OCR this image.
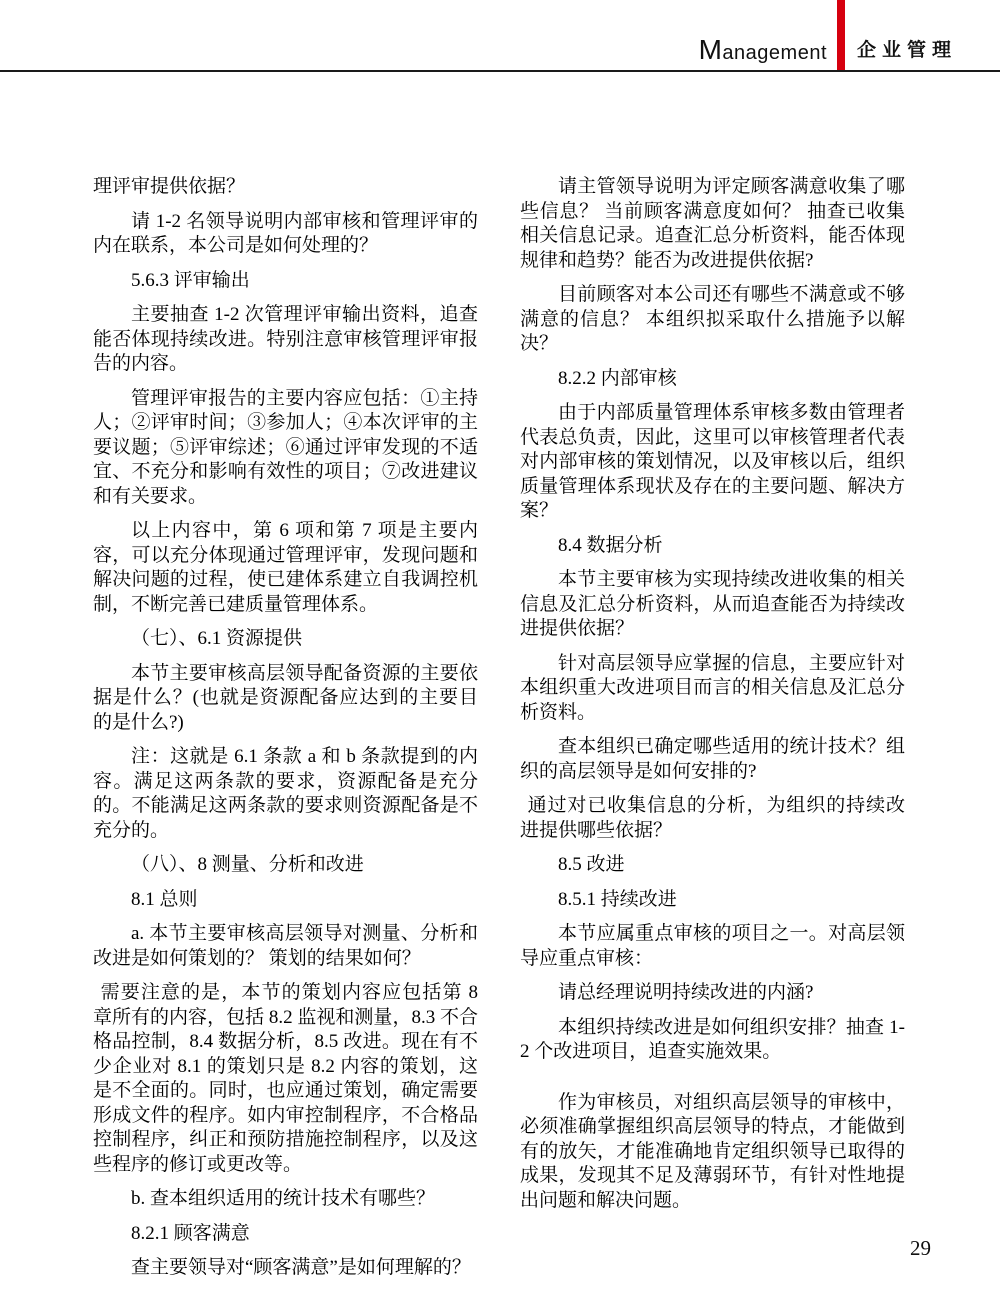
Management 企业管理

理评审提供依据？

请 1-2 名领导说明内部审核和管理评审的内在联系，本公司是如何处理的？

5.6.3 评审输出

主要抽查 1-2 次管理评审输出资料，追查能否体现持续改进。特别注意审核管理评审报告的内容。

管理评审报告的主要内容应包括：①主持人；②评审时间；③参加人；④本次评审的主要议题；⑤评审综述；⑥通过评审发现的不适宜、不充分和影响有效性的项目；⑦改进建议和有关要求。

以上内容中，第 6 项和第 7 项是主要内容，可以充分体现通过管理评审，发现问题和解决问题的过程，使已建体系建立自我调控机制，不断完善已建质量管理体系。

（七）、6.1 资源提供

本节主要审核高层领导配备资源的主要依据是什么？(也就是资源配备应达到的主要目的是什么?)

注：这就是 6.1 条款 a 和 b 条款提到的内容。满足这两条款的要求，资源配备是充分的。不能满足这两条款的要求则资源配备是不充分的。

（八）、8 测量、分析和改进

8.1 总则

a. 本节主要审核高层领导对测量、分析和改进是如何策划的？ 策划的结果如何？

需要注意的是，本节的策划内容应包括第 8 章所有的内容，包括 8.2 监视和测量，8.3 不合格品控制，8.4 数据分析，8.5 改进。现在有不少企业对 8.1 的策划只是 8.2 内容的策划，这是不全面的。同时，也应通过策划，确定需要形成文件的程序。如内审控制程序，不合格品控制程序，纠正和预防措施控制程序，以及这些程序的修订或更改等。

b. 查本组织适用的统计技术有哪些？

8.2.1 顾客满意

查主要领导对“顾客满意”是如何理解的？

请主管领导说明为评定顾客满意收集了哪些信息？ 当前顾客满意度如何？ 抽查已收集相关信息记录。追查汇总分析资料，能否体现规律和趋势？能否为改进提供依据?

目前顾客对本公司还有哪些不满意或不够满意的信息？ 本组织拟采取什么措施予以解决？

8.2.2 内部审核

由于内部质量管理体系审核多数由管理者代表总负责，因此，这里可以审核管理者代表对内部审核的策划情况，以及审核以后，组织质量管理体系现状及存在的主要问题、解决方案？

8.4 数据分析

本节主要审核为实现持续改进收集的相关信息及汇总分析资料，从而追查能否为持续改进提供依据？

针对高层领导应掌握的信息，主要应针对本组织重大改进项目而言的相关信息及汇总分析资料。

查本组织已确定哪些适用的统计技术？组织的高层领导是如何安排的?

通过对已收集信息的分析，为组织的持续改进提供哪些依据？

8.5 改进

8.5.1 持续改进

本节应属重点审核的项目之一。对高层领导应重点审核：

请总经理说明持续改进的内涵?

本组织持续改进是如何组织安排？抽查 1-2 个改进项目，追查实施效果。

作为审核员，对组织高层领导的审核中，必须准确掌握组织高层领导的特点，才能做到有的放矢，才能准确地肯定组织领导已取得的成果，发现其不足及薄弱环节，有针对性地提出问题和解决问题。

29
